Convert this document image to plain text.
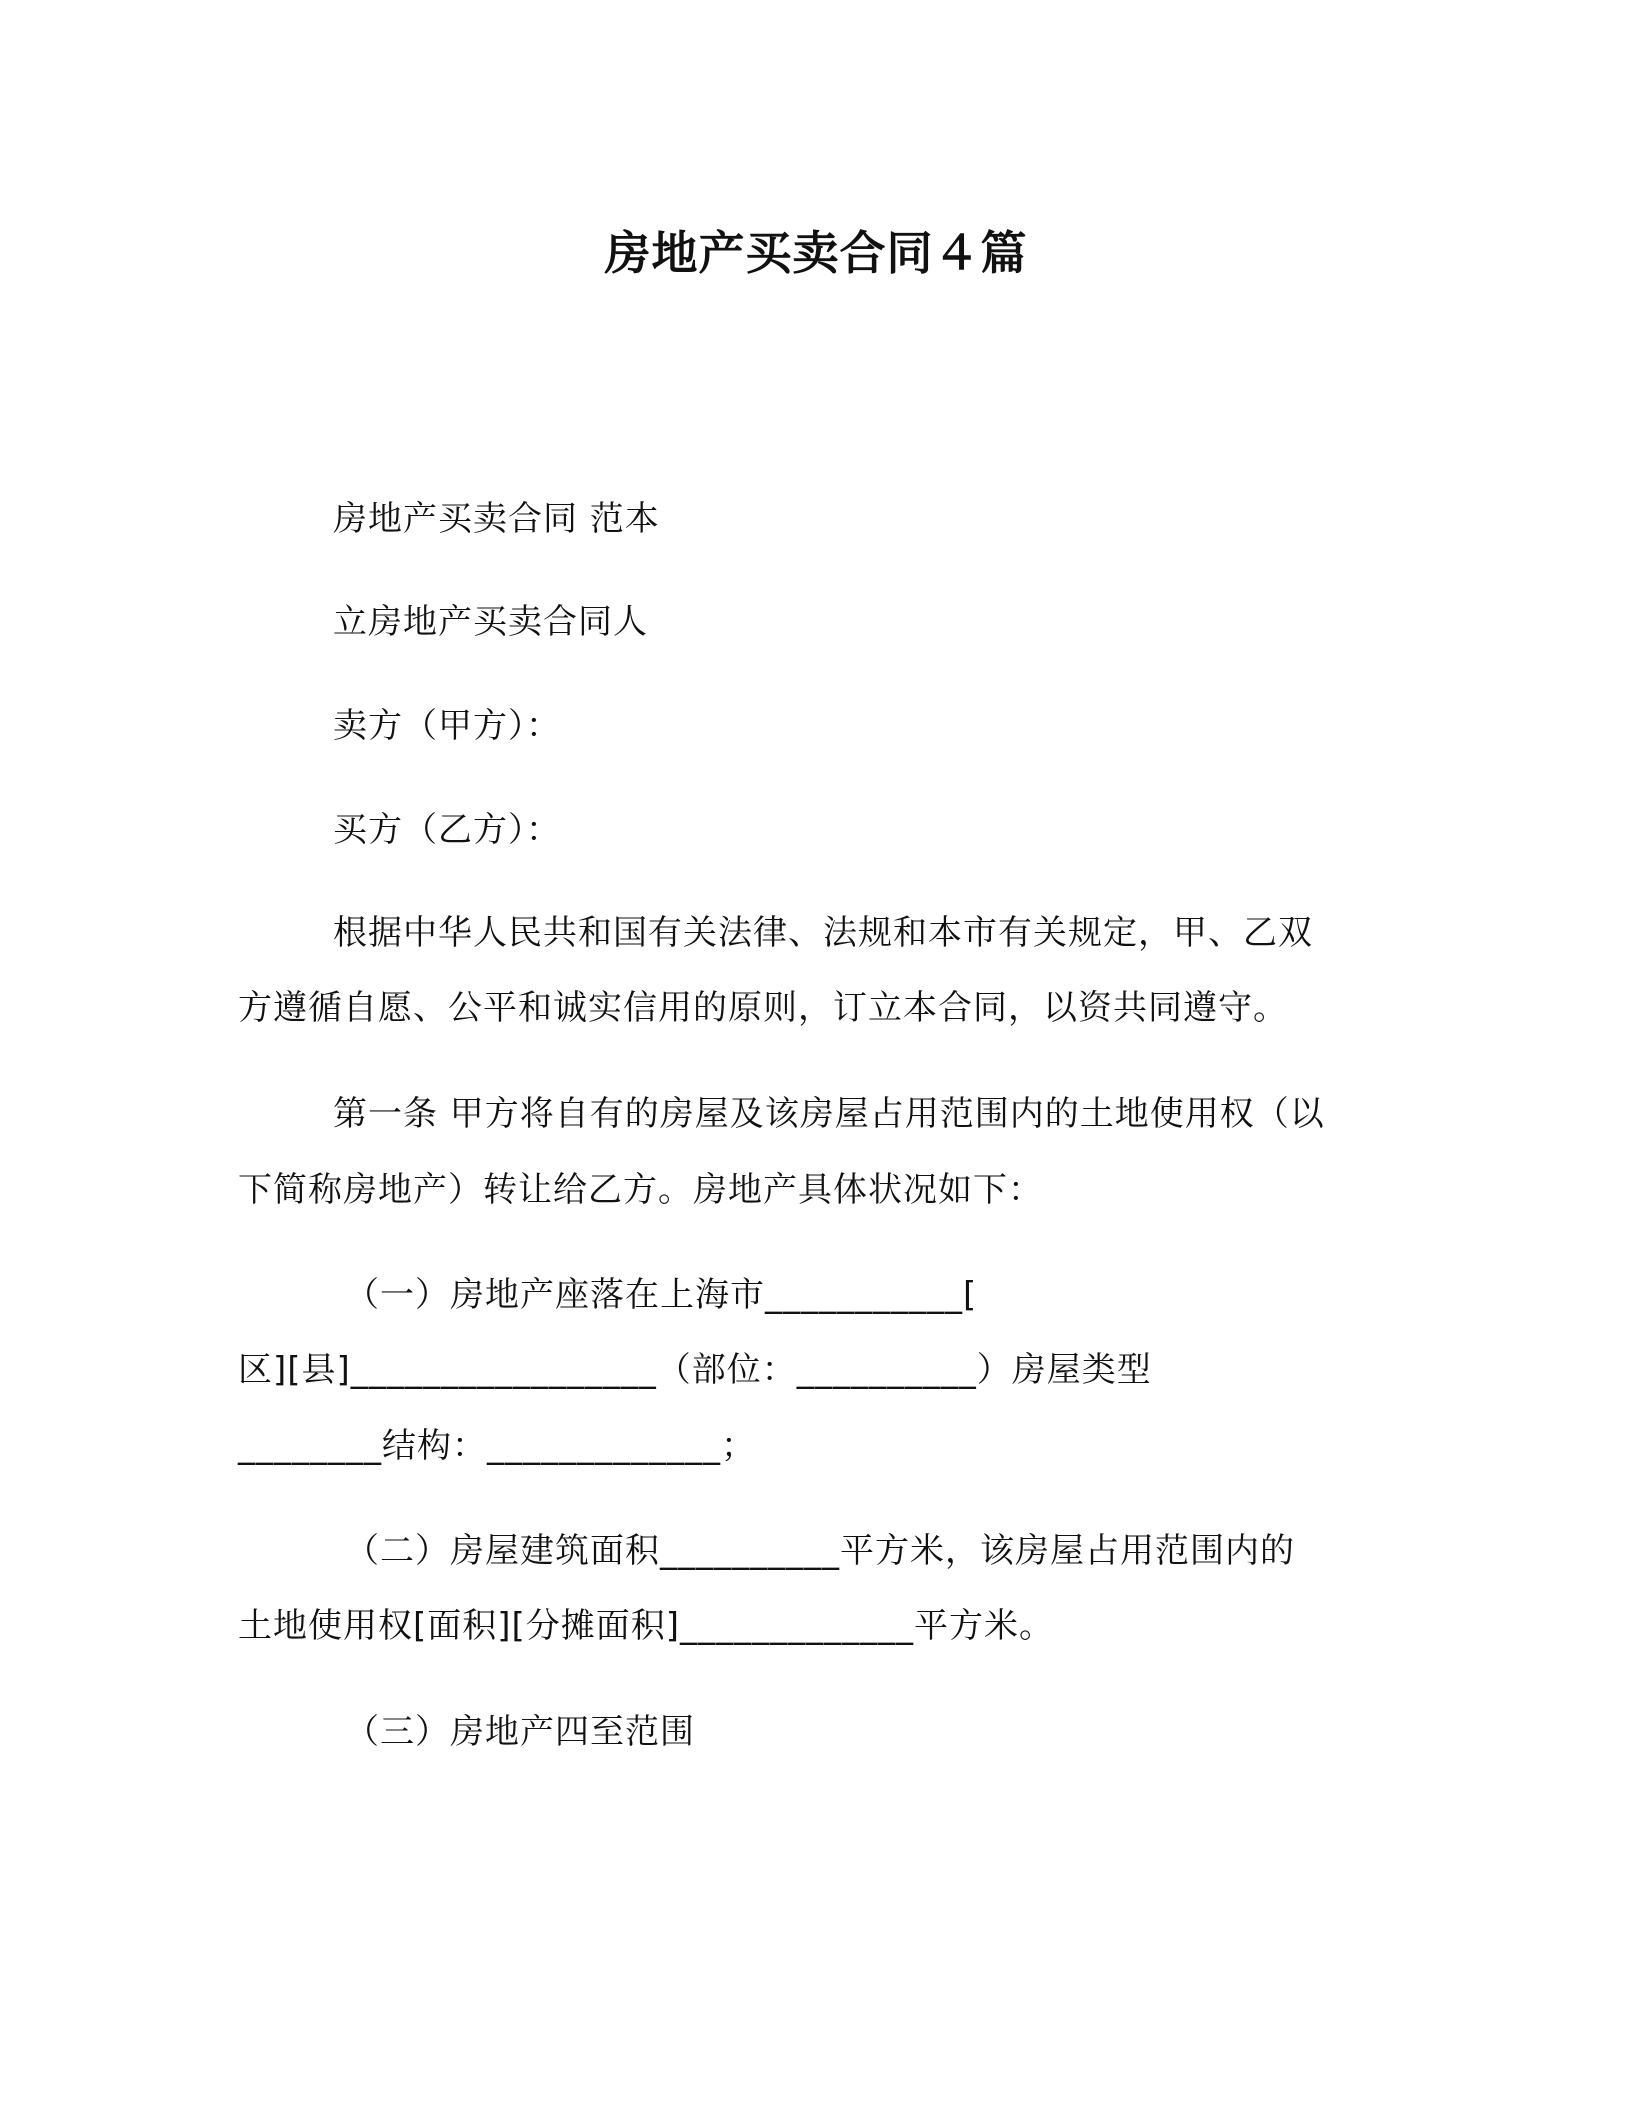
房地产买卖合同４篇
房地产买卖合同 范本
立房地产买卖合同人
卖方（甲方）：
买方（乙方）：
根据中华人民共和国有关法律、法规和本市有关规定，甲、乙双
方遵循自愿、公平和诚实信用的原则，订立本合同，以资共同遵守。
第一条 甲方将自有的房屋及该房屋占用范围内的土地使用权（以
下简称房地产）转让给乙方。房地产具体状况如下：
（一）房地产座落在上海市___________[
区][县]_________________（部位：__________）房屋类型
________结构：_____________；
（二）房屋建筑面积__________平方米，该房屋占用范围内的
土地使用权[面积][分摊面积]_____________平方米。
（三）房地产四至范围
